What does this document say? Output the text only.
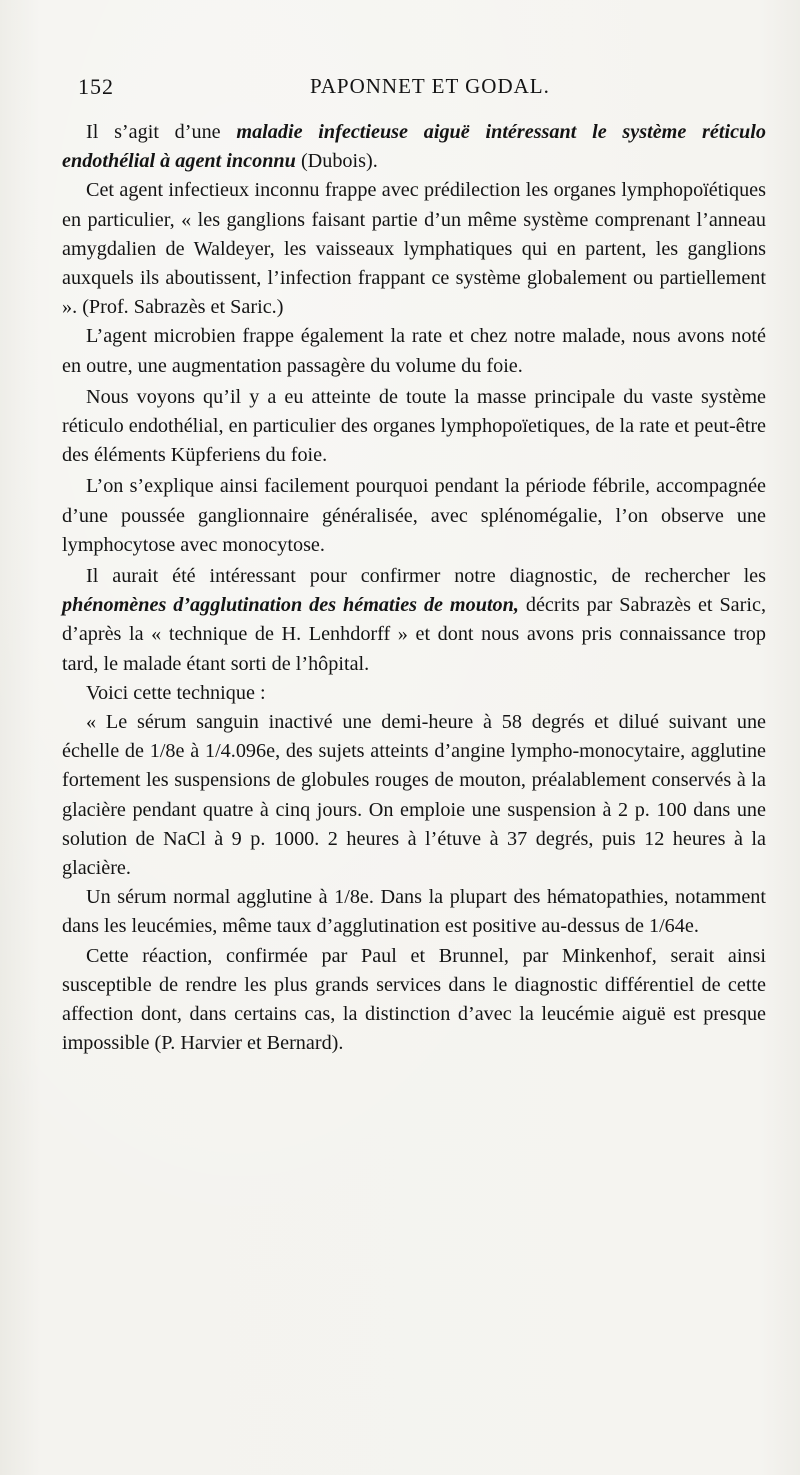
152	PAPONNET ET GODAL.

Il s’agit d’une maladie infectieuse aiguë intéressant le système réticulo endothélial à agent inconnu (Dubois).

Cet agent infectieux inconnu frappe avec prédilection les organes lymphopoïétiques en particulier, « les ganglions faisant partie d’un même système comprenant l’anneau amygdalien de Waldeyer, les vaisseaux lymphatiques qui en partent, les ganglions auxquels ils aboutissent, l’infection frappant ce système globalement ou partiellement ». (Prof. Sabrazès et Saric.)

L’agent microbien frappe également la rate et chez notre malade, nous avons noté en outre, une augmentation passagère du volume du foie.

Nous voyons qu’il y a eu atteinte de toute la masse principale du vaste système réticulo endothélial, en particulier des organes lymphopoïetiques, de la rate et peut-être des éléments Küpferiens du foie.

L’on s’explique ainsi facilement pourquoi pendant la période fébrile, accompagnée d’une poussée ganglionnaire généralisée, avec splénomégalie, l’on observe une lymphocytose avec monocytose.

Il aurait été intéressant pour confirmer notre diagnostic, de rechercher les phénomènes d’agglutination des hématies de mouton, décrits par Sabrazès et Saric, d’après la « technique de H. Lenhdorff » et dont nous avons pris connaissance trop tard, le malade étant sorti de l’hôpital.

Voici cette technique :

« Le sérum sanguin inactivé une demi-heure à 58 degrés et dilué suivant une échelle de 1/8e à 1/4.096e, des sujets atteints d’angine lympho-monocytaire, agglutine fortement les suspensions de globules rouges de mouton, préalablement conservés à la glacière pendant quatre à cinq jours. On emploie une suspension à 2 p. 100 dans une solution de NaCl à 9 p. 1000. 2 heures à l’étuve à 37 degrés, puis 12 heures à la glacière.

Un sérum normal agglutine à 1/8e. Dans la plupart des hématopathies, notamment dans les leucémies, même taux d’agglutination est positive au-dessus de 1/64e.

Cette réaction, confirmée par Paul et Brunnel, par Minkenhof, serait ainsi susceptible de rendre les plus grands services dans le diagnostic différentiel de cette affection dont, dans certains cas, la distinction d’avec la leucémie aiguë est presque impossible (P. Harvier et Bernard).
